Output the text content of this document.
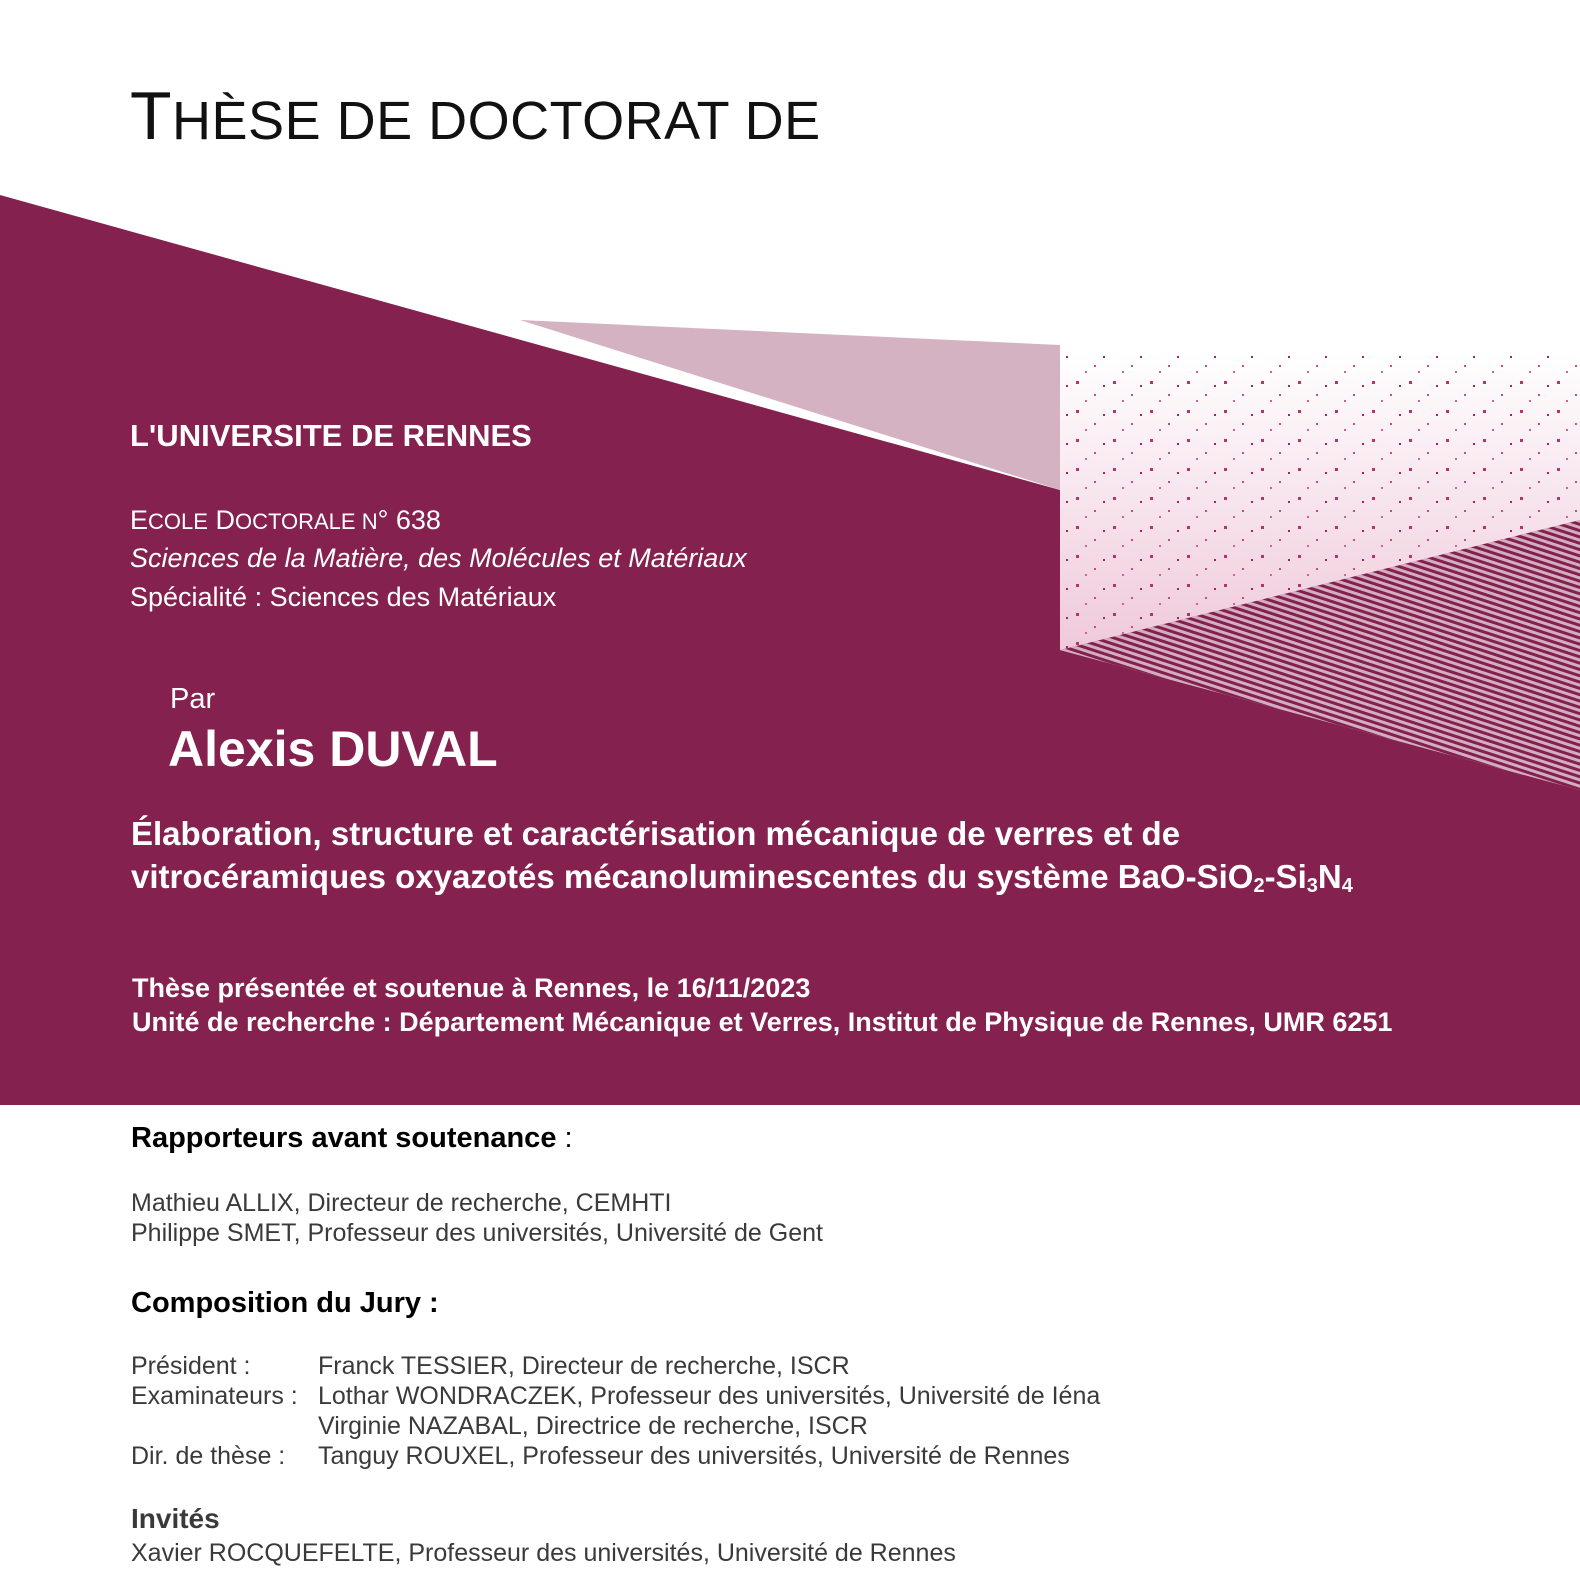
THÈSE DE DOCTORAT DE
L'UNIVERSITE DE RENNES
ECOLE DOCTORALE N° 638
Sciences de la Matière, des Molécules et Matériaux
Spécialité : Sciences des Matériaux
Par
Alexis DUVAL
Élaboration, structure et caractérisation mécanique de verres et de
vitrocéramiques oxyazotés mécanoluminescentes du système BaO-$SiO_2-Si_3N_4$
Thèse présentée et soutenue à Rennes, le 16/11/2023
Unité de recherche : Département Mécanique et Verres, Institut de Physique de Rennes, UMR 6251
Rapporteurs avant soutenance :
Mathieu ALLIX, Directeur de recherche, CEMHTI
Philippe SMET, Professeur des universités, Université de Gent
Composition du Jury :
Président :	Franck TESSIER, Directeur de recherche, ISCR
Examinateurs : Lothar WONDRACZEK, Professeur des universités, Université de Iéna
Virginie NAZABAL, Directrice de recherche, ISCR
Dir. de thèse :	Tanguy ROUXEL, Professeur des universités, Université de Rennes
Invités
Xavier ROCQUEFELTE, Professeur des universités, Université de Rennes
